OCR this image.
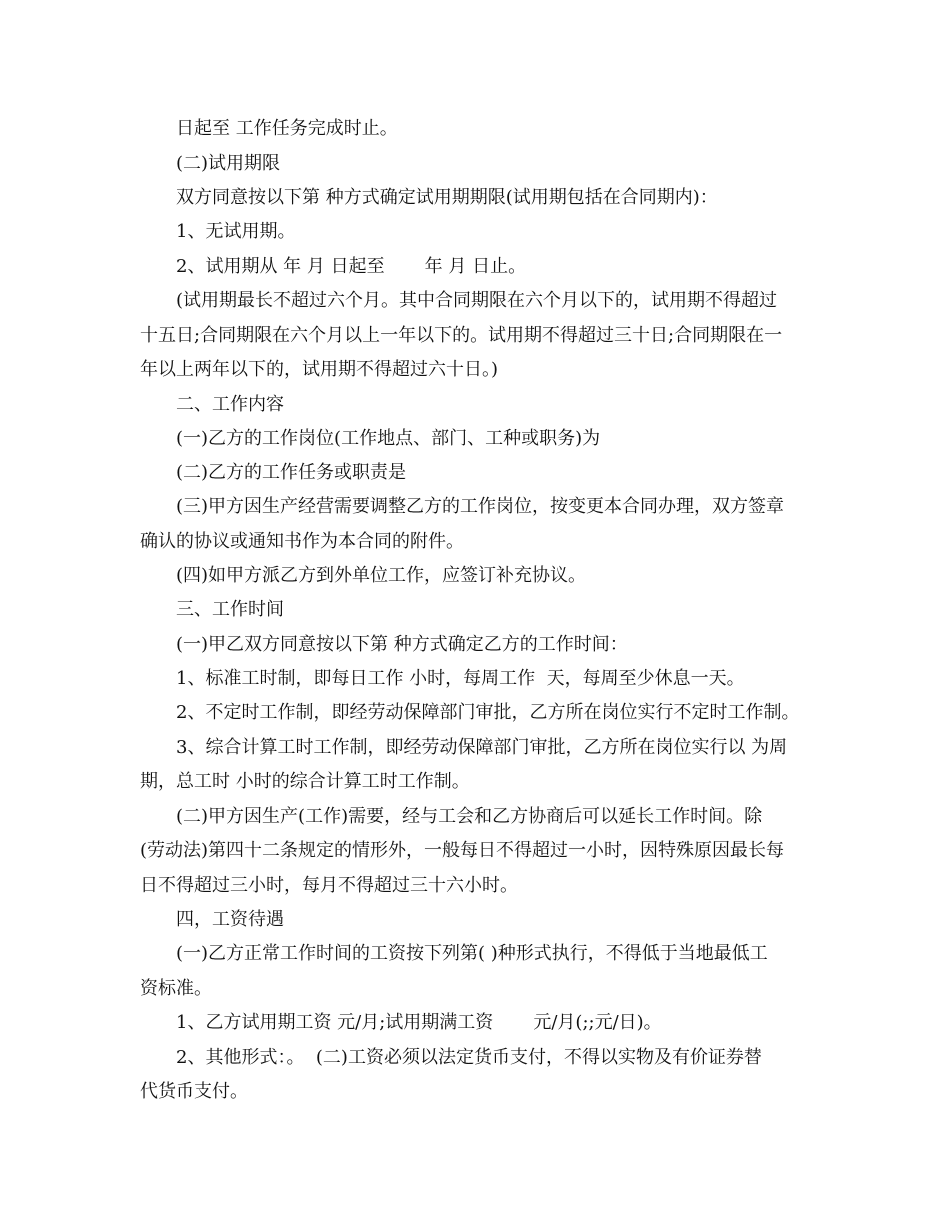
日起至 工作任务完成时止。
(二)试用期限
双方同意按以下第 种方式确定试用期期限(试用期包括在合同期内)：
1、无试用期。
2、试用期从 年 月 日起至       年 月 日止。
(试用期最长不超过六个月。其中合同期限在六个月以下的，试用期不得超过
十五日;合同期限在六个月以上一年以下的。试用期不得超过三十日;合同期限在一
年以上两年以下的，试用期不得超过六十日。)
二、工作内容
(一)乙方的工作岗位(工作地点、部门、工种或职务)为
(二)乙方的工作任务或职责是
(三)甲方因生产经营需要调整乙方的工作岗位，按变更本合同办理，双方签章
确认的协议或通知书作为本合同的附件。
(四)如甲方派乙方到外单位工作，应签订补充协议。
三、工作时间
(一)甲乙双方同意按以下第 种方式确定乙方的工作时间：
1、标准工时制，即每日工作 小时，每周工作  天，每周至少休息一天。
2、不定时工作制，即经劳动保障部门审批，乙方所在岗位实行不定时工作制。
3、综合计算工时工作制，即经劳动保障部门审批，乙方所在岗位实行以 为周
期，总工时 小时的综合计算工时工作制。
(二)甲方因生产(工作)需要，经与工会和乙方协商后可以延长工作时间。除
(劳动法)第四十二条规定的情形外，一般每日不得超过一小时，因特殊原因最长每
日不得超过三小时，每月不得超过三十六小时。
四，工资待遇
(一)乙方正常工作时间的工资按下列第( )种形式执行，不得低于当地最低工
资标准。
1、乙方试用期工资 元/月;试用期满工资       元/月(;;元/日)。
2、其他形式：。  (二)工资必须以法定货币支付，不得以实物及有价证券替
代货币支付。
